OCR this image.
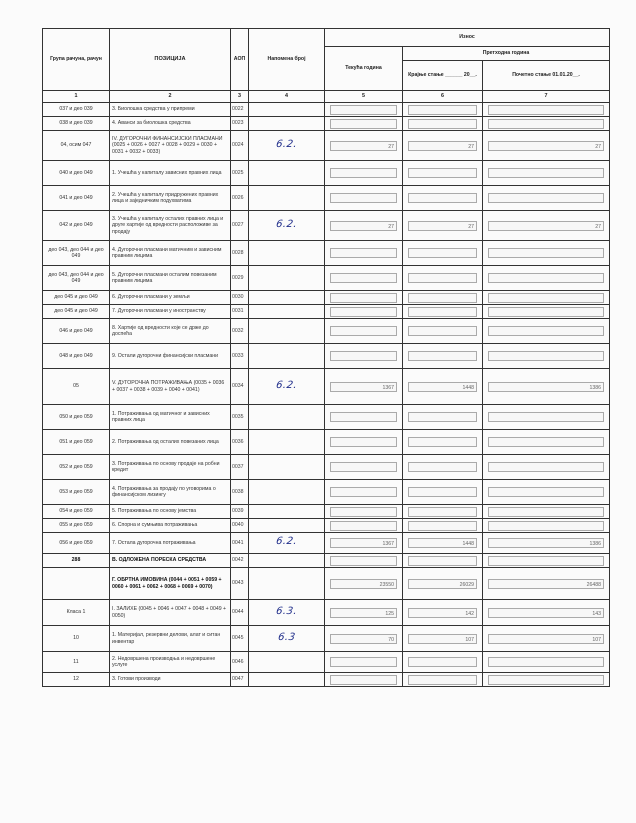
Група рачуна, рачун	ПОЗИЦИЈА	АОП	Напомена број	Износ		
				Текућа година	Претходна година	
					Крајње стање ______ 20__.	Почетно стање 01.01.20__.
1	2	3	4	5	6	7
037 и део 039	3. Биолошка средства у припреми	0022		

038 и део 039	4. Аванси за биолошка средства	0023		

04, осим 047	IV. ДУГОРОЧНИ ФИНАНСИЈСКИ ПЛАСМАНИ (0025 + 0026 + 0027 + 0028 + 0029 + 0030 + 0031 + 0032 + 0033)	0024	6.2.	27	27	27

040 и део 049	1. Учешћа у капиталу зависних правних лица	0025		

041 и део 049	2. Учешћа у капиталу придружених правних лица и заједничким подухватима	0026		

042 и део 049	3. Учешћа у капиталу осталих правних лица и друге хартије од вредности расположиве за продају	0027	6.2.	27	27	27

део 043, део 044 и део 049	4. Дугорочни пласмани матичним и зависним правним лицима	0028		

део 043, део 044 и део 049	5. Дугорочни пласмани осталим повезаним правним лицима	0029		

део 045 и део 049	6. Дугорочни пласмани у земљи	0030		

део 045 и део 049	7. Дугорочни пласмани у иностранству	0031		

046 и део 049	8. Хартије од вредности које се држе до доспећа	0032		

048 и део 049	9. Остали дугорочни финансијски пласмани	0033		

05	V. ДУГОРОЧНА ПОТРАЖИВАЊА (0035 + 0036 + 0037 + 0038 + 0039 + 0040 + 0041)	0034	6.2.	1367	1448	1386

050 и део 059	1. Потраживања од матичног и зависних правних лица	0035		

051 и део 059	2. Потраживања од осталих повезаних лица	0036		

052 и део 059	3. Потраживања по основу продаје на робни кредит	0037		

053 и део 059	4. Потраживања за продају по уговорима о финансијском лизингу	0038		

054 и део 059	5. Потраживања по основу јемства	0039		

055 и део 059	6. Спорна и сумњива потраживања	0040		

056 и део 059	7. Остала дугорочна потраживања	0041	6.2.	1367	1448	1386

288	В. ОДЛОЖЕНА ПОРЕСКА СРЕДСТВА	0042		

	Г. ОБРТНА ИМОВИНА (0044 + 0051 + 0059 + 0060 + 0061 + 0062 + 0068 + 0069 + 0070)	0043		23550	26029	26488

Класа 1	I. ЗАЛИХЕ (0045 + 0046 + 0047 + 0048 + 0049 + 0050)	0044	6.3.	125	142	143

10	1. Материјал, резервни делови, алат и ситан инвентар	0045	6.3	70	107	107

11	2. Недовршена производња и недовршене услуге	0046		

12	3. Готови производи	0047		
